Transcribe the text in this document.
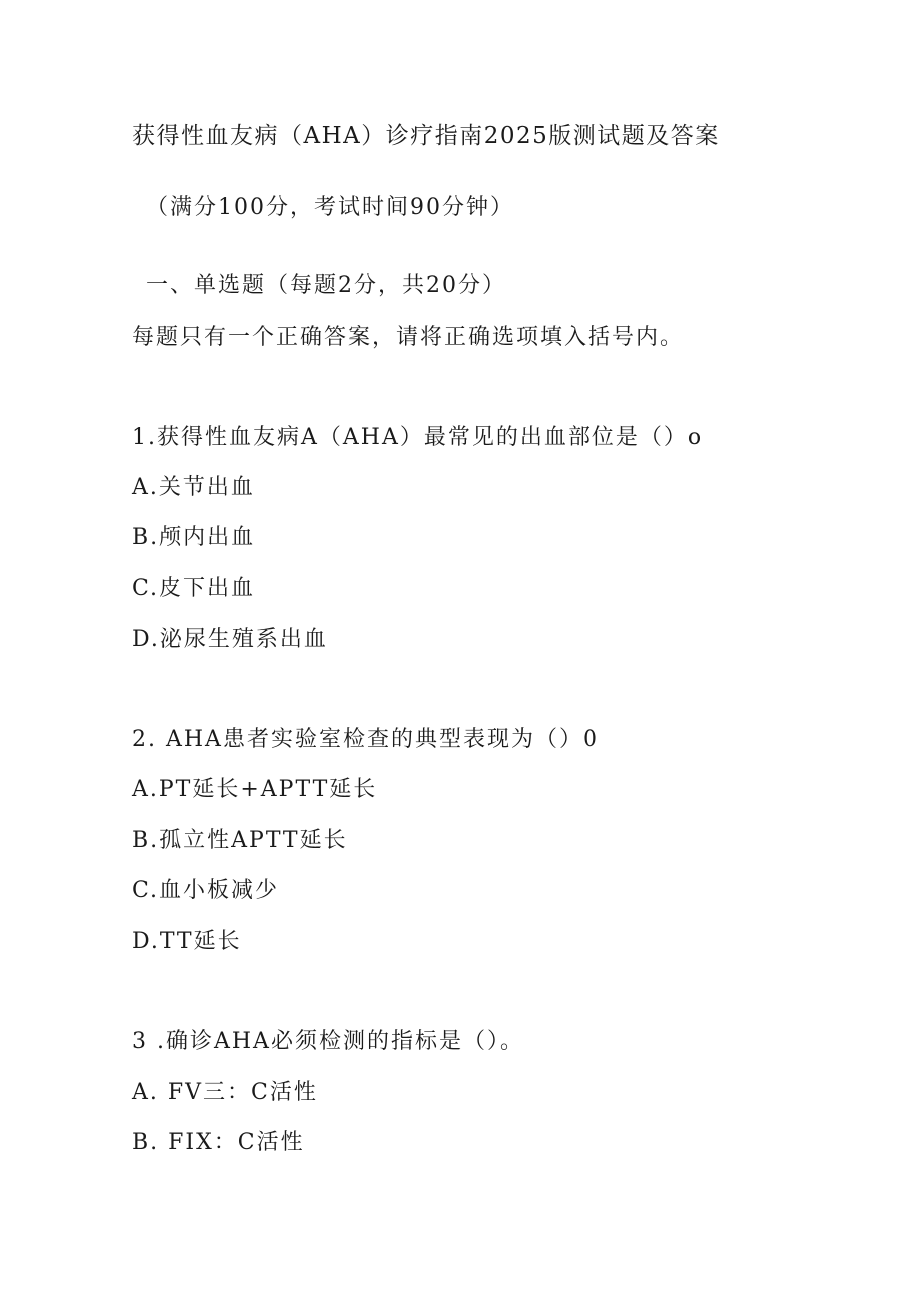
获得性血友病（AHA）诊疗指南2025版测试题及答案
（满分100分，考试时间90分钟）
一、单选题（每题2分，共20分）
每题只有一个正确答案，请将正确选项填入括号内。
1.获得性血友病A（AHA）最常见的出血部位是（）o
A.关节出血
B.颅内出血
C.皮下出血
D.泌尿生殖系出血
2. AHA患者实验室检查的典型表现为（）0
A.PT延长+APTT延长
B.孤立性APTT延长
C.血小板减少
D.TT延长
3 .确诊AHA必须检测的指标是（）。
A. FV三：C活性
B. FIX：C活性
